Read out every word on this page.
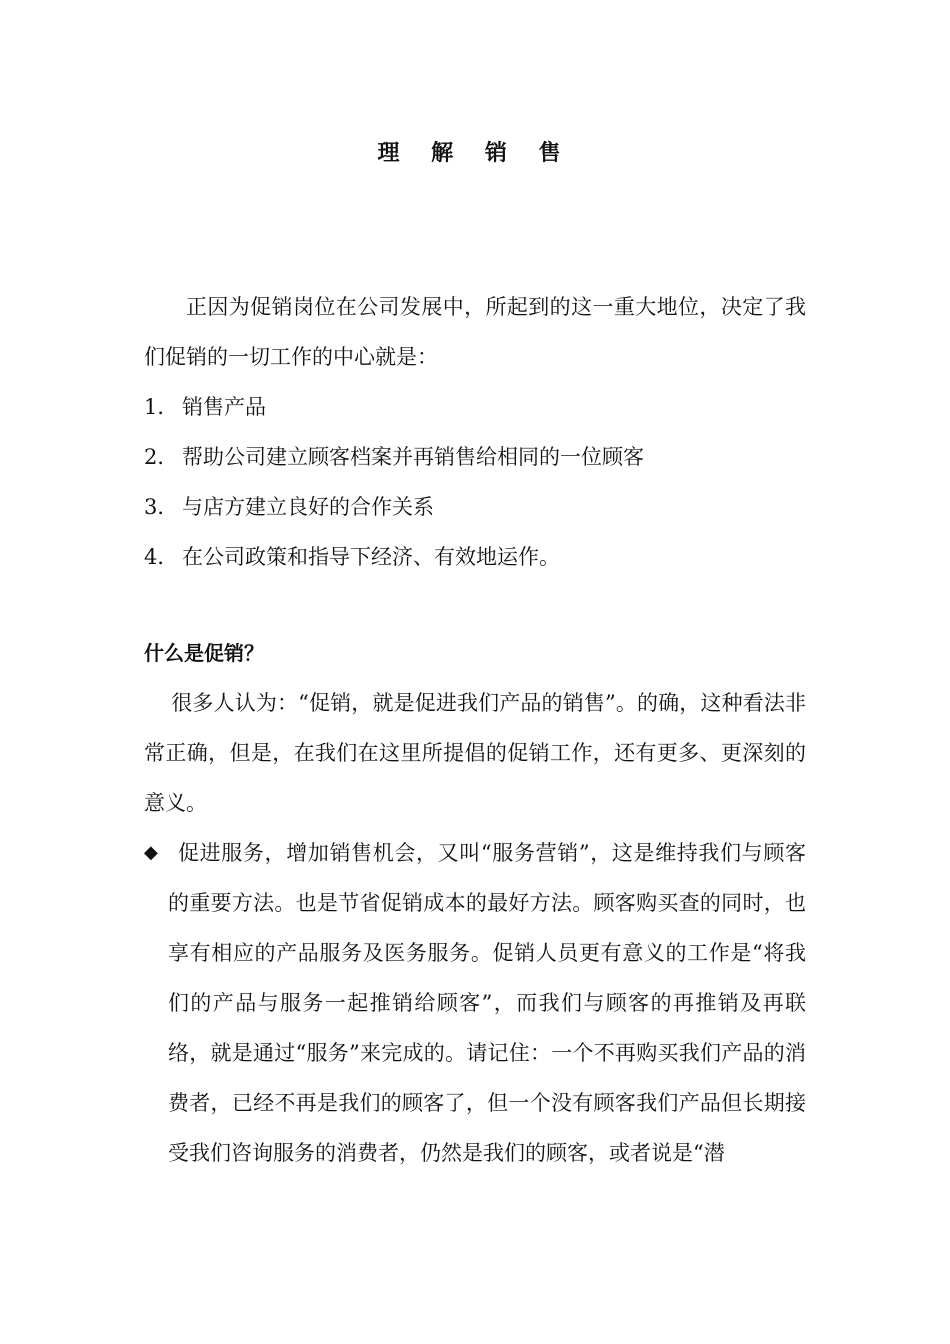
理 解 销 售

正因为促销岗位在公司发展中，所起到的这一重大地位，决定了我们促销的一切工作的中心就是：

1． 销售产品
2． 帮助公司建立顾客档案并再销售给相同的一位顾客
3． 与店方建立良好的合作关系
4． 在公司政策和指导下经济、有效地运作。
什么是促销？

很多人认为：“促销，就是促进我们产品的销售”。的确，这种看法非常正确，但是，在我们在这里所提倡的促销工作，还有更多、更深刻的意义。

◆ 促进服务，增加销售机会，又叫“服务营销”，这是维持我们与顾客的重要方法。也是节省促销成本的最好方法。顾客购买查的同时，也享有相应的产品服务及医务服务。促销人员更有意义的工作是“将我们的产品与服务一起推销给顾客”，而我们与顾客的再推销及再联络，就是通过“服务”来完成的。请记住：一个不再购买我们产品的消费者，已经不再是我们的顾客了，但一个没有顾客我们产品但长期接受我们咨询服务的消费者，仍然是我们的顾客，或者说是“潜
